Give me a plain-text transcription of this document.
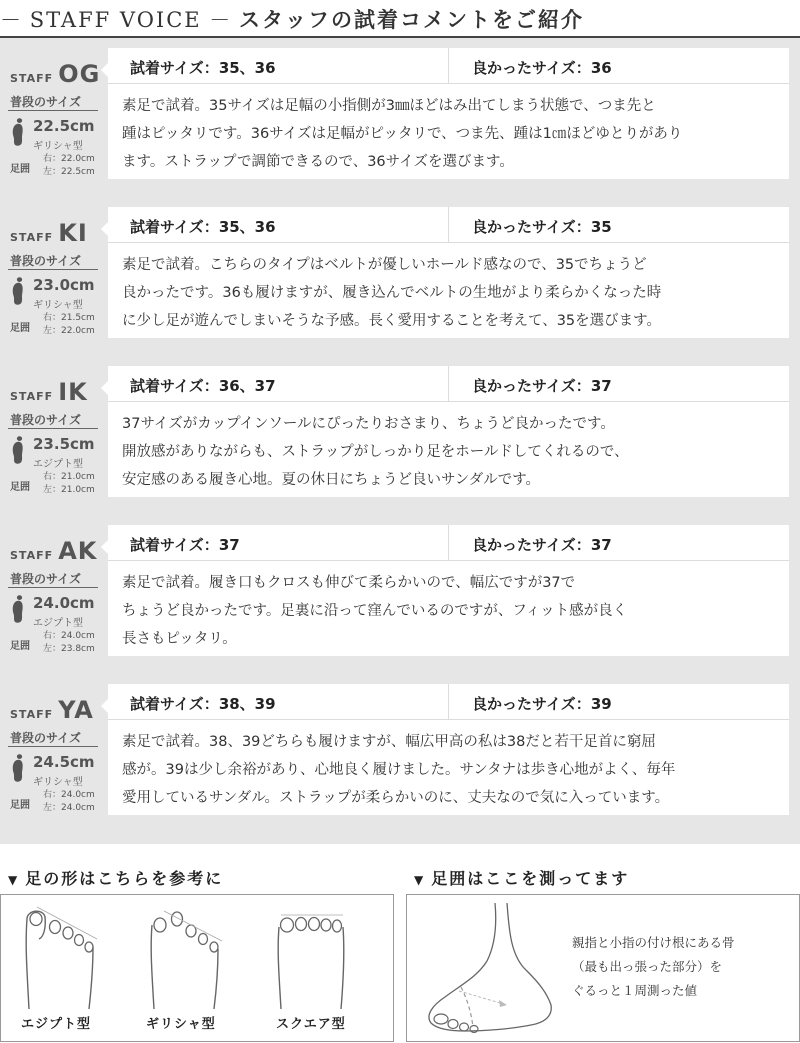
－ STAFF VOICE － スタッフの試着コメントをご紹介
STAFF OG
普段のサイズ
22.5cm
ギリシャ型
足囲
右：22.0cm
左：22.5cm
試着サイズ：35、36	良かったサイズ：36
素足で試着。35サイズは足幅の小指側が3㎜ほどはみ出てしまう状態で、つま先と
踵はピッタリです。36サイズは足幅がピッタリで、つま先、踵は1㎝ほどゆとりがあり
ます。ストラップで調節できるので、36サイズを選びます。
STAFF KI
普段のサイズ
23.0cm
ギリシャ型
足囲
右：21.5cm
左：22.0cm
試着サイズ：35、36	良かったサイズ：35
素足で試着。こちらのタイプはベルトが優しいホールド感なので、35でちょうど
良かったです。36も履けますが、履き込んでベルトの生地がより柔らかくなった時
に少し足が遊んでしまいそうな予感。長く愛用することを考えて、35を選びます。
STAFF IK
普段のサイズ
23.5cm
エジプト型
足囲
右：21.0cm
左：21.0cm
試着サイズ：36、37	良かったサイズ：37
37サイズがカップインソールにぴったりおさまり、ちょうど良かったです。
開放感がありながらも、ストラップがしっかり足をホールドしてくれるので、
安定感のある履き心地。夏の休日にちょうど良いサンダルです。
STAFF AK
普段のサイズ
24.0cm
エジプト型
足囲
右：24.0cm
左：23.8cm
試着サイズ：37	良かったサイズ：37
素足で試着。履き口もクロスも伸びて柔らかいので、幅広ですが37で
ちょうど良かったです。足裏に沿って窪んでいるのですが、フィット感が良く
長さもピッタリ。
STAFF YA
普段のサイズ
24.5cm
ギリシャ型
足囲
右：24.0cm
左：24.0cm
試着サイズ：38、39	良かったサイズ：39
素足で試着。38、39どちらも履けますが、幅広甲高の私は38だと若干足首に窮屈
感が。39は少し余裕があり、心地良く履けました。サンタナは歩き心地がよく、毎年
愛用しているサンダル。ストラップが柔らかいのに、丈夫なので気に入っています。
▼ 足の形はこちらを参考に
エジプト型	ギリシャ型	スクエア型
▼ 足囲はここを測ってます
親指と小指の付け根にある骨
（最も出っ張った部分）を
ぐるっと１周測った値
